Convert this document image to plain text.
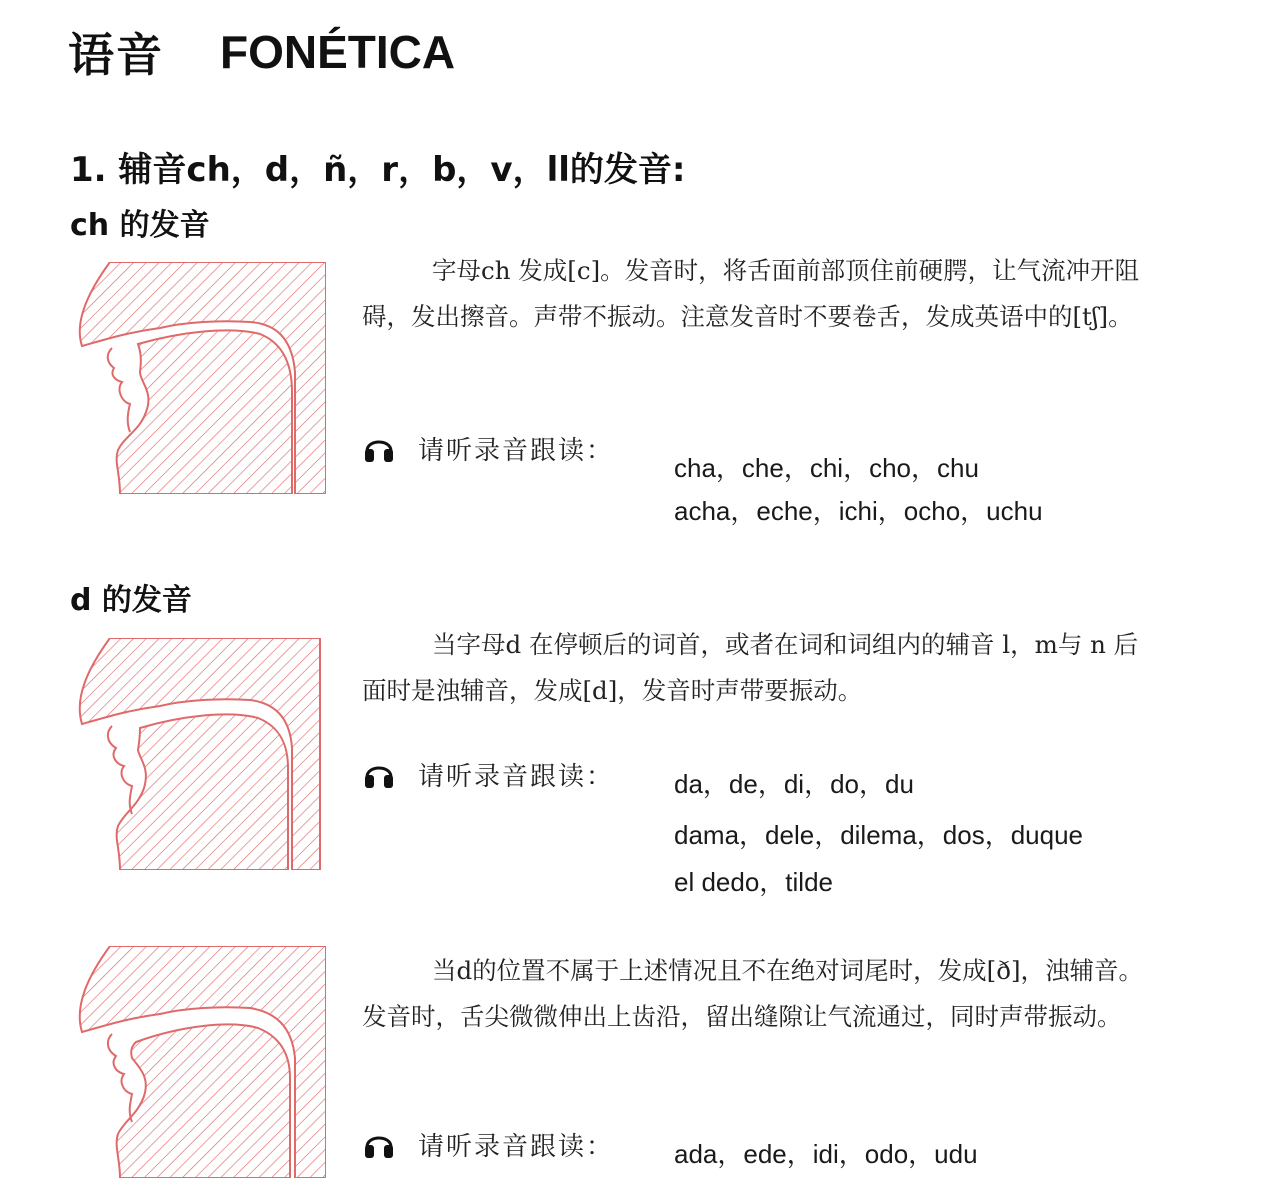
语音 FONÉTICA
1. 辅音ch，d，ñ，r，b，v，ll的发音:
ch 的发音
字母ch 发成[c]。发音时，将舌面前部顶住前硬腭，让气流冲开阻碍，发出擦音。声带不振动。注意发音时不要卷舌，发成英语中的[tʃ]。
请听录音跟读：
cha，che，chi，cho，chu
acha，eche，ichi，ocho，uchu
d 的发音
当字母d 在停顿后的词首，或者在词和词组内的辅音 l，m与 n 后面时是浊辅音，发成[d]，发音时声带要振动。
请听录音跟读： da，de，di，do，du
dama，dele，dilema，dos，duque
el dedo，tilde
当d的位置不属于上述情况且不在绝对词尾时，发成[ð]，浊辅音。发音时，舌尖微微伸出上齿沿，留出缝隙让气流通过，同时声带振动。
请听录音跟读： ada，ede，idi，odo，udu
